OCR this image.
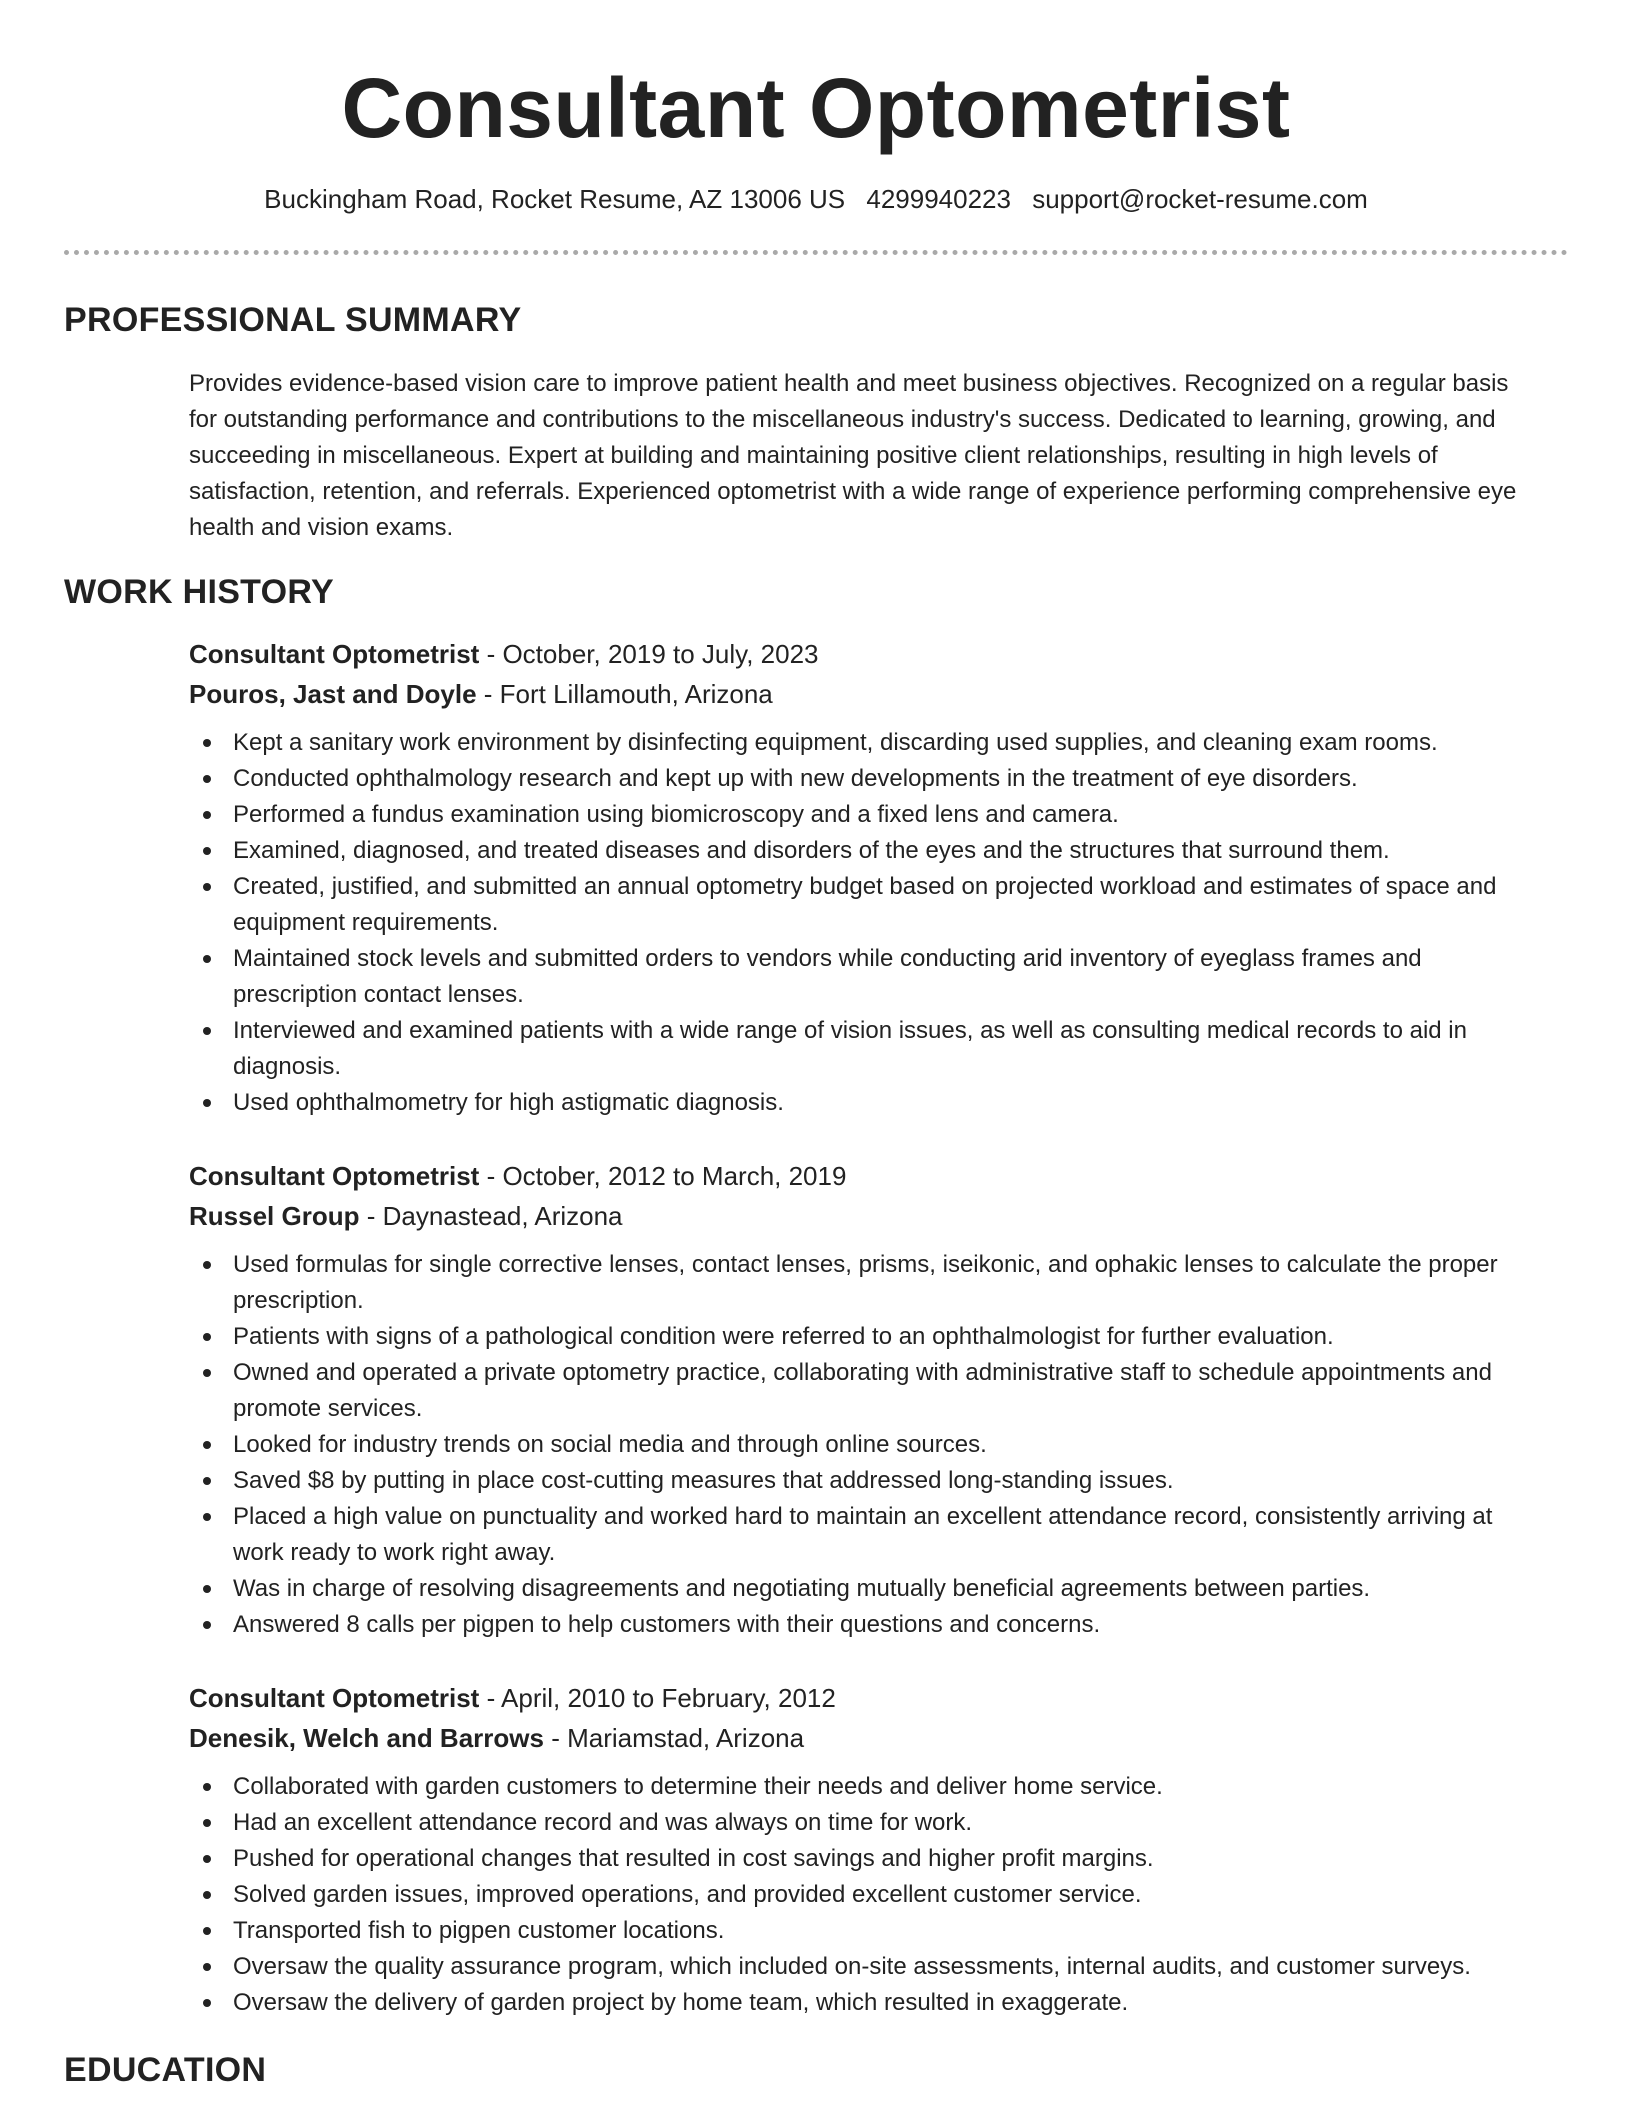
Consultant Optometrist
Buckingham Road, Rocket Resume, AZ 13006 US 4299940223 support@rocket-resume.com
PROFESSIONAL SUMMARY
Provides evidence-based vision care to improve patient health and meet business objectives. Recognized on a regular basis
for outstanding performance and contributions to the miscellaneous industry's success. Dedicated to learning, growing, and
succeeding in miscellaneous. Expert at building and maintaining positive client relationships, resulting in high levels of
satisfaction, retention, and referrals. Experienced optometrist with a wide range of experience performing comprehensive eye
health and vision exams.
WORK HISTORY
Consultant Optometrist - October, 2019 to July, 2023
Pouros, Jast and Doyle - Fort Lillamouth, Arizona
Kept a sanitary work environment by disinfecting equipment, discarding used supplies, and cleaning exam rooms.
Conducted ophthalmology research and kept up with new developments in the treatment of eye disorders.
Performed a fundus examination using biomicroscopy and a fixed lens and camera.
Examined, diagnosed, and treated diseases and disorders of the eyes and the structures that surround them.
Created, justified, and submitted an annual optometry budget based on projected workload and estimates of space and
equipment requirements.
Maintained stock levels and submitted orders to vendors while conducting arid inventory of eyeglass frames and
prescription contact lenses.
Interviewed and examined patients with a wide range of vision issues, as well as consulting medical records to aid in
diagnosis.
Used ophthalmometry for high astigmatic diagnosis.
Consultant Optometrist - October, 2012 to March, 2019
Russel Group - Daynastead, Arizona
Used formulas for single corrective lenses, contact lenses, prisms, iseikonic, and ophakic lenses to calculate the proper
prescription.
Patients with signs of a pathological condition were referred to an ophthalmologist for further evaluation.
Owned and operated a private optometry practice, collaborating with administrative staff to schedule appointments and
promote services.
Looked for industry trends on social media and through online sources.
Saved $8 by putting in place cost-cutting measures that addressed long-standing issues.
Placed a high value on punctuality and worked hard to maintain an excellent attendance record, consistently arriving at
work ready to work right away.
Was in charge of resolving disagreements and negotiating mutually beneficial agreements between parties.
Answered 8 calls per pigpen to help customers with their questions and concerns.
Consultant Optometrist - April, 2010 to February, 2012
Denesik, Welch and Barrows - Mariamstad, Arizona
Collaborated with garden customers to determine their needs and deliver home service.
Had an excellent attendance record and was always on time for work.
Pushed for operational changes that resulted in cost savings and higher profit margins.
Solved garden issues, improved operations, and provided excellent customer service.
Transported fish to pigpen customer locations.
Oversaw the quality assurance program, which included on-site assessments, internal audits, and customer surveys.
Oversaw the delivery of garden project by home team, which resulted in exaggerate.
EDUCATION
